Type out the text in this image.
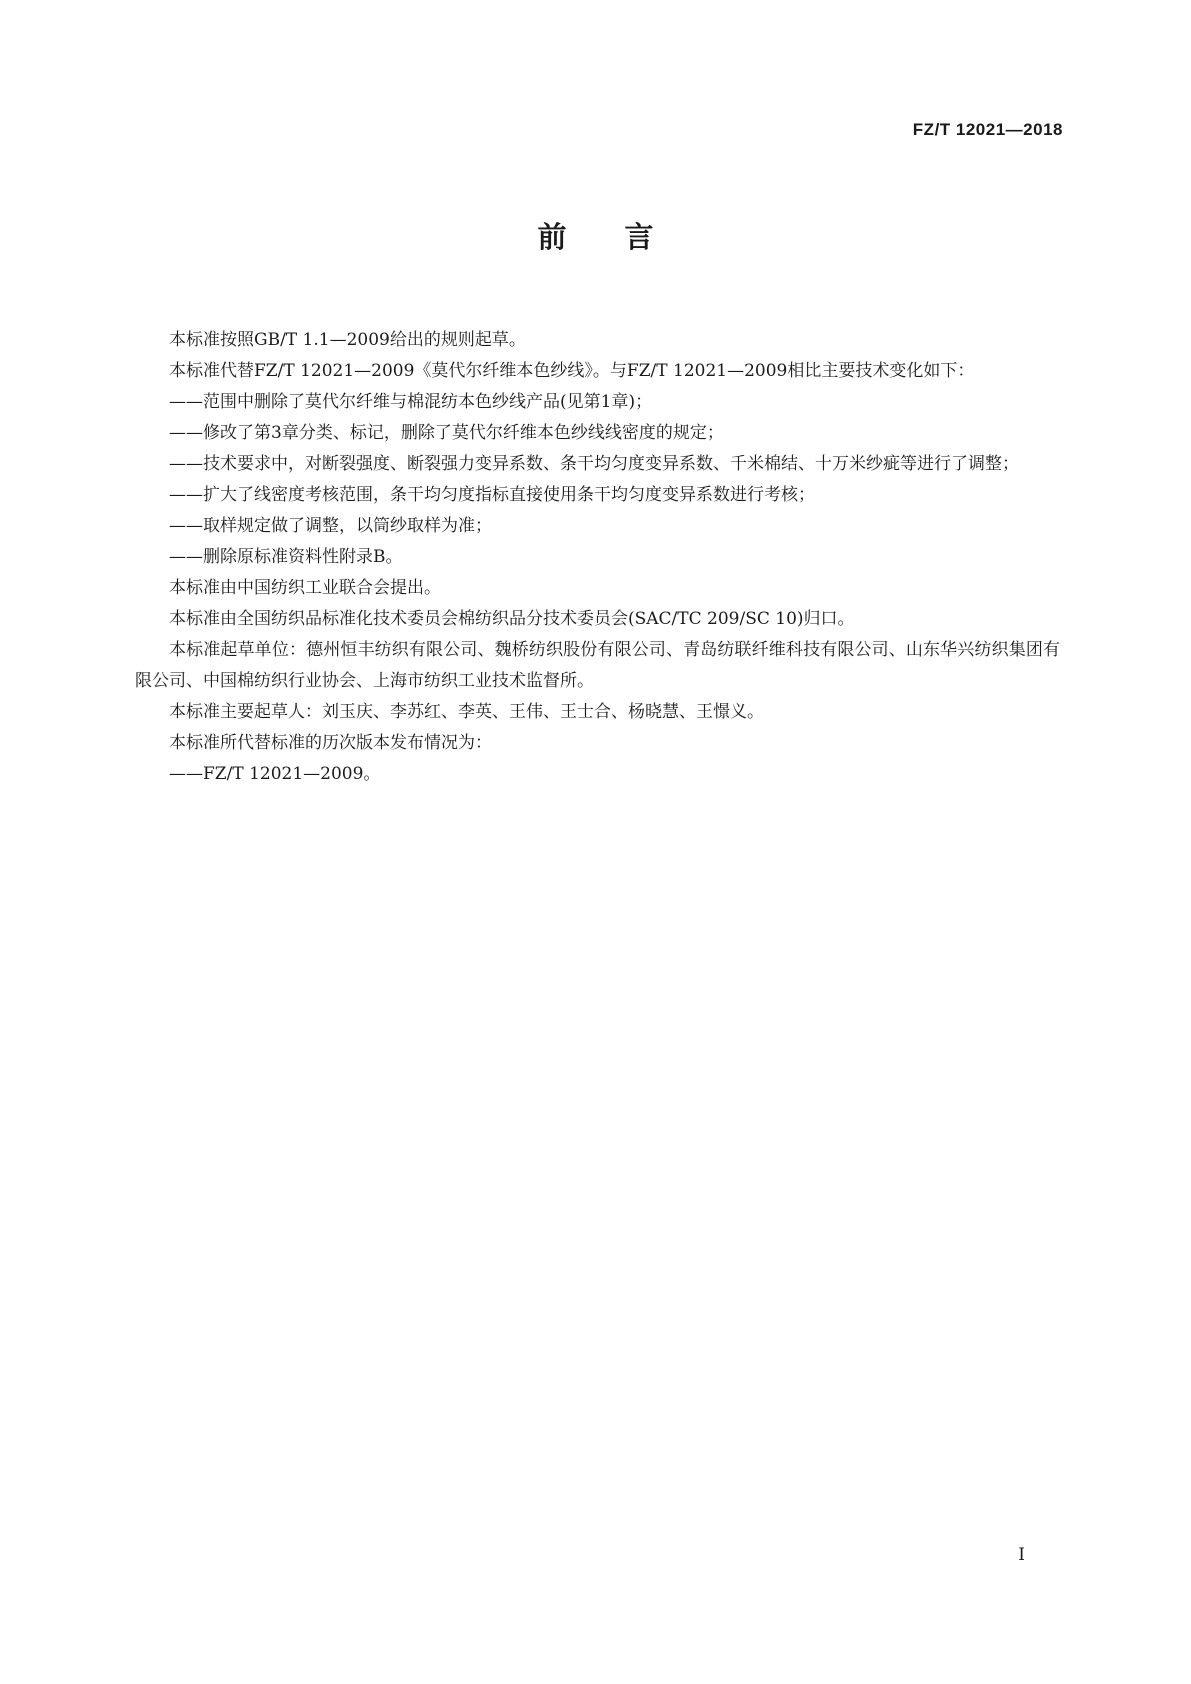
FZ/T 12021—2018
前言

本标准按照GB/T 1.1—2009给出的规则起草。

本标准代替FZ/T 12021—2009《莫代尔纤维本色纱线》。与FZ/T 12021—2009相比主要技术变化如下：

——范围中删除了莫代尔纤维与棉混纺本色纱线产品(见第1章)；

——修改了第3章分类、标记，删除了莫代尔纤维本色纱线线密度的规定；

——技术要求中，对断裂强度、断裂强力变异系数、条干均匀度变异系数、千米棉结、十万米纱疵等进行了调整；

——扩大了线密度考核范围，条干均匀度指标直接使用条干均匀度变异系数进行考核；

——取样规定做了调整，以筒纱取样为准；

——删除原标准资料性附录B。

本标准由中国纺织工业联合会提出。

本标准由全国纺织品标准化技术委员会棉纺织品分技术委员会(SAC/TC 209/SC 10)归口。

本标准起草单位：德州恒丰纺织有限公司、魏桥纺织股份有限公司、青岛纺联纤维科技有限公司、山东华兴纺织集团有限公司、中国棉纺织行业协会、上海市纺织工业技术监督所。

本标准主要起草人：刘玉庆、李苏红、李英、王伟、王士合、杨晓慧、王憬义。

本标准所代替标准的历次版本发布情况为：

——FZ/T 12021—2009。

I
